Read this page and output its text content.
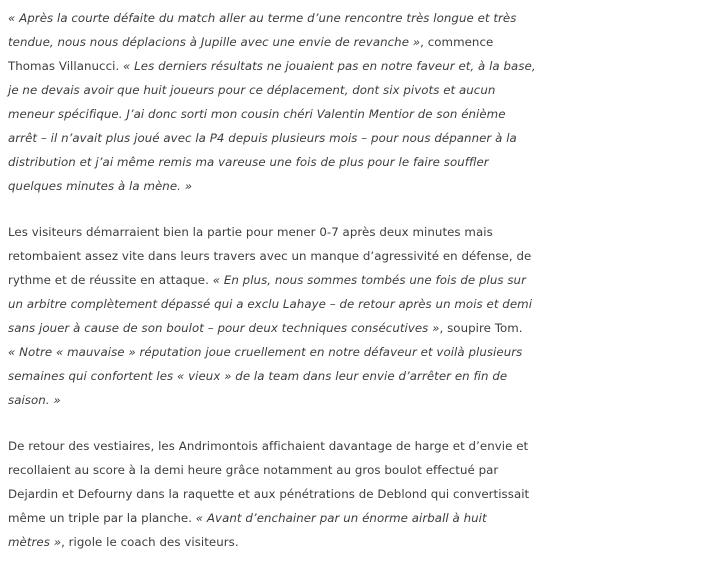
« Après la courte défaite du match aller au terme d’une rencontre très longue et très
tendue, nous nous déplacions à Jupille avec une envie de revanche », commence
Thomas Villanucci. « Les derniers résultats ne jouaient pas en notre faveur et, à la base,
je ne devais avoir que huit joueurs pour ce déplacement, dont six pivots et aucun
meneur spécifique. J’ai donc sorti mon cousin chéri Valentin Mentior de son énième
arrêt – il n’avait plus joué avec la P4 depuis plusieurs mois – pour nous dépanner à la
distribution et j’ai même remis ma vareuse une fois de plus pour le faire souffler
quelques minutes à la mène. »

Les visiteurs démarraient bien la partie pour mener 0-7 après deux minutes mais
retombaient assez vite dans leurs travers avec un manque d’agressivité en défense, de
rythme et de réussite en attaque. « En plus, nous sommes tombés une fois de plus sur
un arbitre complètement dépassé qui a exclu Lahaye – de retour après un mois et demi
sans jouer à cause de son boulot – pour deux techniques consécutives », soupire Tom.
« Notre « mauvaise » réputation joue cruellement en notre défaveur et voilà plusieurs
semaines qui confortent les « vieux » de la team dans leur envie d’arrêter en fin de
saison. »

De retour des vestiaires, les Andrimontois affichaient davantage de harge et d’envie et
recollaient au score à la demi heure grâce notamment au gros boulot effectué par
Dejardin et Defourny dans la raquette et aux pénétrations de Deblond qui convertissait
même un triple par la planche. « Avant d’enchainer par un énorme airball à huit
mètres », rigole le coach des visiteurs.
